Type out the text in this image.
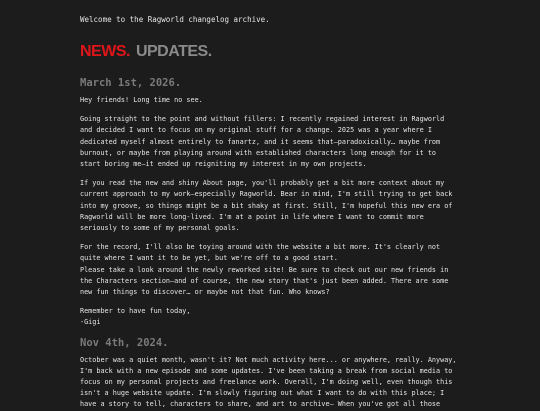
Welcome to the Ragworld changelog archive.

NEWS. UPDATES.
March 1st, 2026.

Hey friends! Long time no see.

Going straight to the point and without fillers: I recently regained interest in Ragworld and decided I want to focus on my original stuff for a change. 2025 was a year where I dedicated myself almost entirely to fanartz, and it seems that—paradoxically… maybe from burnout, or maybe from playing around with established characters long enough for it to start boring me—it ended up reigniting my interest in my own projects.

If you read the new and shiny About page, you'll probably get a bit more context about my current approach to my work—especially Ragworld. Bear in mind, I'm still trying to get back into my groove, so things might be a bit shaky at first. Still, I'm hopeful this new era of Ragworld will be more long-lived. I'm at a point in life where I want to commit more seriously to some of my personal goals.

For the record, I'll also be toying around with the website a bit more. It's clearly not quite where I want it to be yet, but we're off to a good start.

Please take a look around the newly reworked site! Be sure to check out our new friends in the Characters section—and of course, the new story that's just been added. There are some new fun things to discover… or maybe not that fun. Who knows?

Remember to have fun today,

-Gigi

Nov 4th, 2024.

October was a quiet month, wasn't it? Not much activity here... or anywhere, really. Anyway, I'm back with a new episode and some updates. I've been taking a break from social media to focus on my personal projects and freelance work. Overall, I'm doing well, even though this isn't a huge website update. I'm slowly figuring out what I want to do with this place; I have a story to tell, characters to share, and art to archive— When you've got all those
